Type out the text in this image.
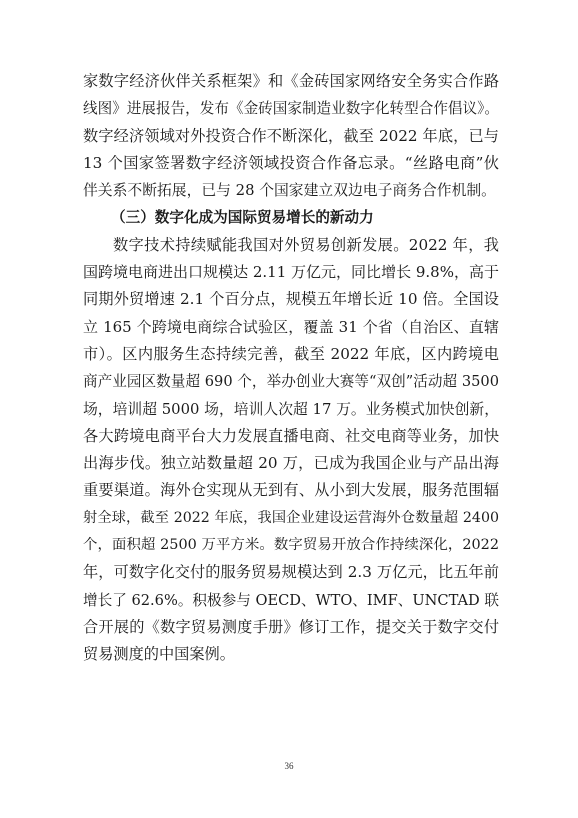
家数字经济伙伴关系框架》和《金砖国家网络安全务实合作路
线图》进展报告，发布《金砖国家制造业数字化转型合作倡议》。
数字经济领域对外投资合作不断深化，截至 2022 年底，已与
13 个国家签署数字经济领域投资合作备忘录。“丝路电商”伙
伴关系不断拓展，已与 28 个国家建立双边电子商务合作机制。
（三）数字化成为国际贸易增长的新动力
数字技术持续赋能我国对外贸易创新发展。2022 年，我
国跨境电商进出口规模达 2.11 万亿元，同比增长 9.8%，高于
同期外贸增速 2.1 个百分点，规模五年增长近 10 倍。全国设
立 165 个跨境电商综合试验区，覆盖 31 个省（自治区、直辖
市）。区内服务生态持续完善，截至 2022 年底，区内跨境电
商产业园区数量超 690 个，举办创业大赛等“双创”活动超 3500
场，培训超 5000 场，培训人次超 17 万。业务模式加快创新，
各大跨境电商平台大力发展直播电商、社交电商等业务，加快
出海步伐。独立站数量超 20 万，已成为我国企业与产品出海
重要渠道。海外仓实现从无到有、从小到大发展，服务范围辐
射全球，截至 2022 年底，我国企业建设运营海外仓数量超 2400
个，面积超 2500 万平方米。数字贸易开放合作持续深化，2022
年，可数字化交付的服务贸易规模达到 2.3 万亿元，比五年前
增长了 62.6%。积极参与 OECD、WTO、IMF、UNCTAD 联
合开展的《数字贸易测度手册》修订工作，提交关于数字交付
贸易测度的中国案例。
36
